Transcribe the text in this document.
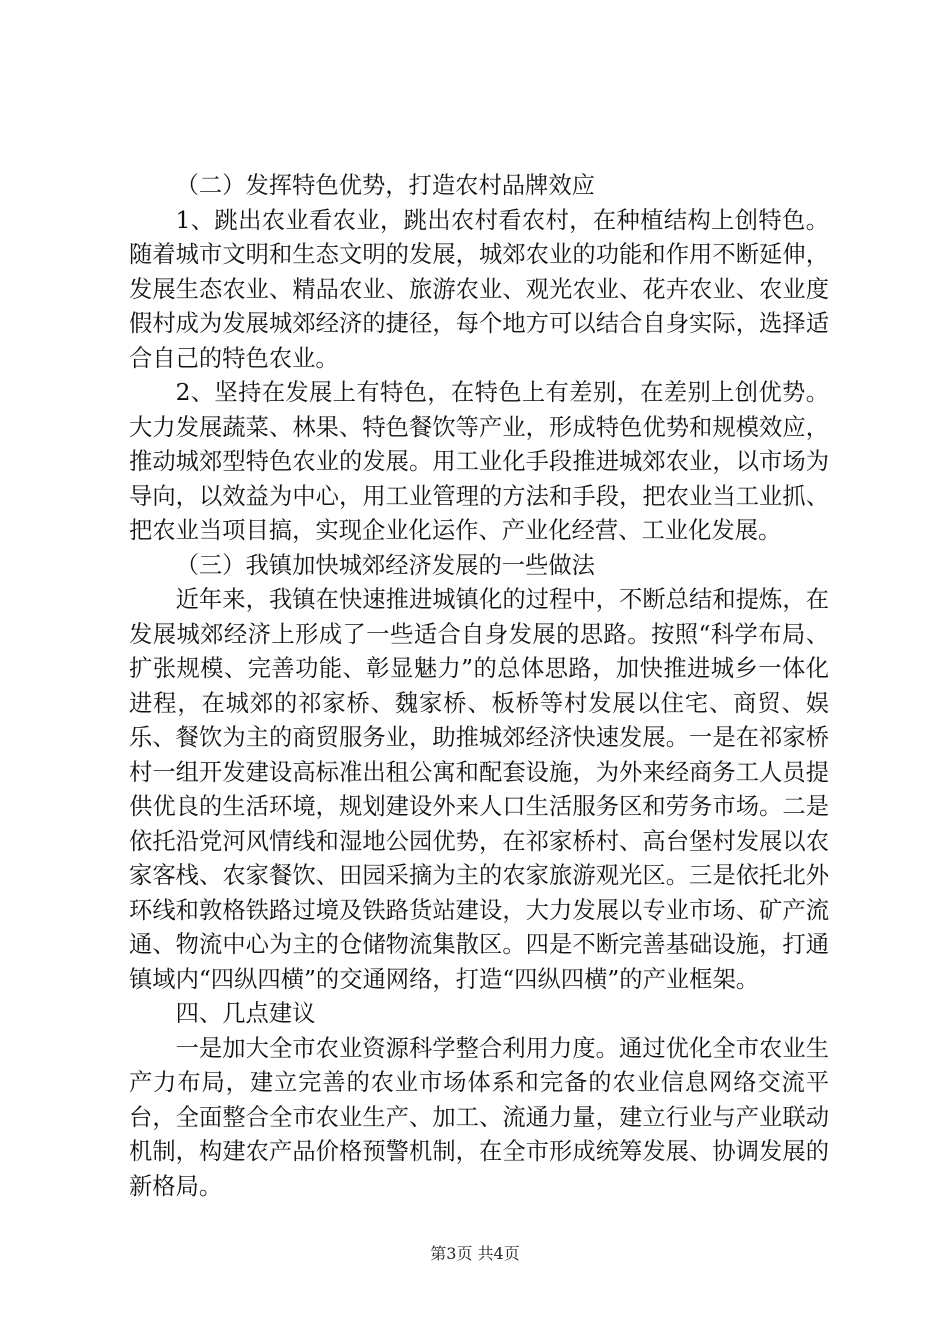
（二）发挥特色优势，打造农村品牌效应

1、跳出农业看农业，跳出农村看农村，在种植结构上创特色。随着城市文明和生态文明的发展，城郊农业的功能和作用不断延伸，发展生态农业、精品农业、旅游农业、观光农业、花卉农业、农业度假村成为发展城郊经济的捷径，每个地方可以结合自身实际，选择适合自己的特色农业。

2、坚持在发展上有特色，在特色上有差别，在差别上创优势。大力发展蔬菜、林果、特色餐饮等产业，形成特色优势和规模效应，推动城郊型特色农业的发展。用工业化手段推进城郊农业，以市场为导向，以效益为中心，用工业管理的方法和手段，把农业当工业抓、把农业当项目搞，实现企业化运作、产业化经营、工业化发展。

（三）我镇加快城郊经济发展的一些做法

近年来，我镇在快速推进城镇化的过程中，不断总结和提炼，在发展城郊经济上形成了一些适合自身发展的思路。按照“科学布局、扩张规模、完善功能、彰显魅力”的总体思路，加快推进城乡一体化进程，在城郊的祁家桥、魏家桥、板桥等村发展以住宅、商贸、娱乐、餐饮为主的商贸服务业，助推城郊经济快速发展。一是在祁家桥村一组开发建设高标准出租公寓和配套设施，为外来经商务工人员提供优良的生活环境，规划建设外来人口生活服务区和劳务市场。二是依托沿党河风情线和湿地公园优势，在祁家桥村、高台堡村发展以农家客栈、农家餐饮、田园采摘为主的农家旅游观光区。三是依托北外环线和敦格铁路过境及铁路货站建设，大力发展以专业市场、矿产流通、物流中心为主的仓储物流集散区。四是不断完善基础设施，打通镇域内“四纵四横”的交通网络，打造“四纵四横”的产业框架。

四、几点建议

一是加大全市农业资源科学整合利用力度。通过优化全市农业生产力布局，建立完善的农业市场体系和完备的农业信息网络交流平台，全面整合全市农业生产、加工、流通力量，建立行业与产业联动机制，构建农产品价格预警机制，在全市形成统筹发展、协调发展的新格局。

第3页 共4页
